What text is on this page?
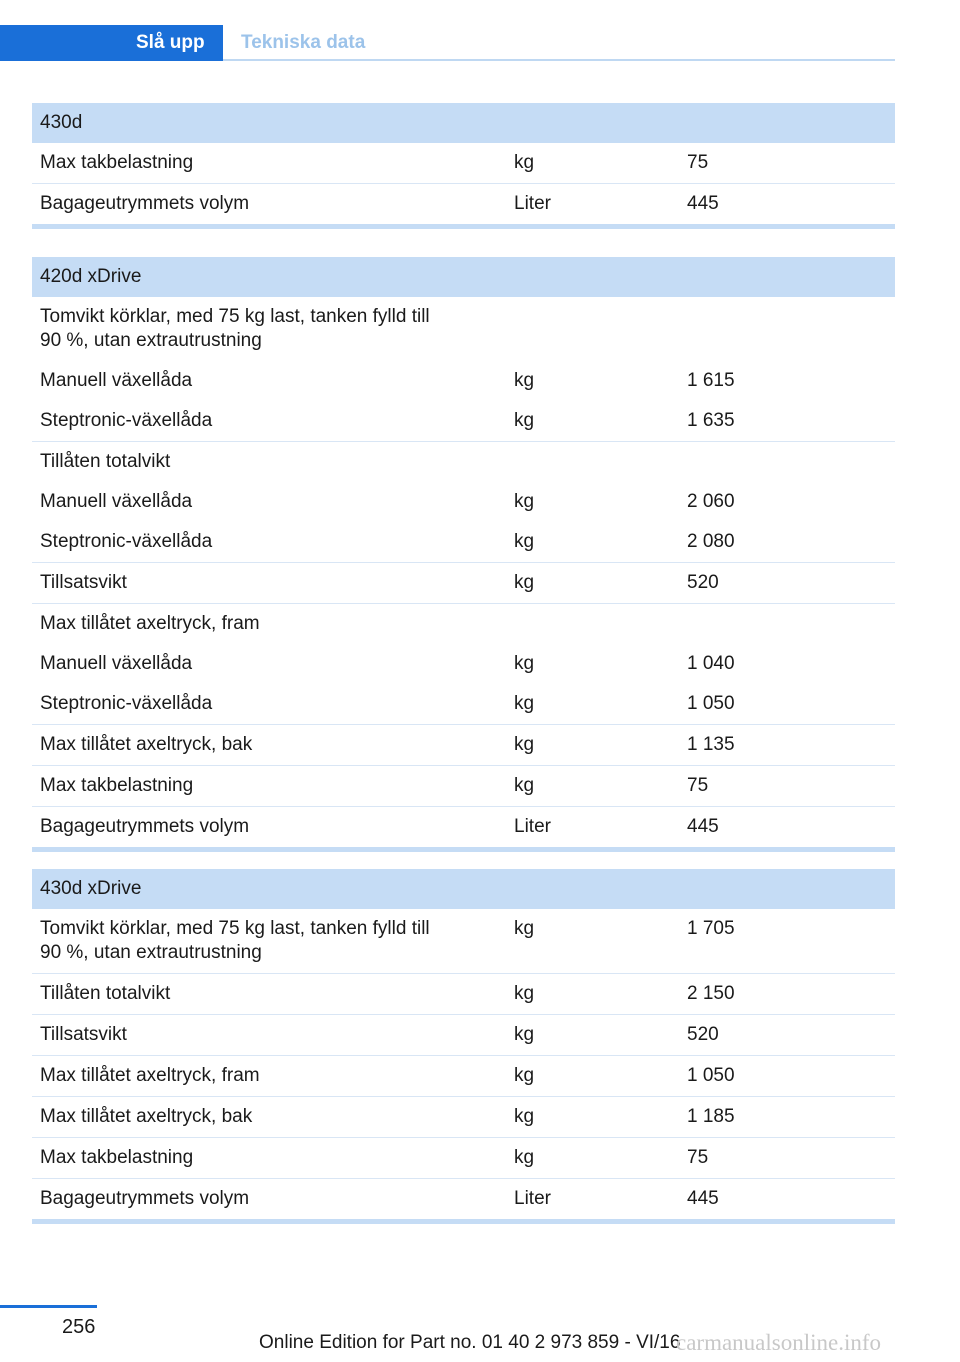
Slå upp	Tekniska data
430d		
Max takbelastning	kg	75
Bagageutrymmets volym	Liter	445
420d xDrive		
Tomvikt körklar, med 75 kg last, tanken fylld till
90 %, utan extrautrustning		
Manuell växellåda	kg	1 615
Steptronic-växellåda	kg	1 635
Tillåten totalvikt		
Manuell växellåda	kg	2 060
Steptronic-växellåda	kg	2 080
Tillsatsvikt	kg	520
Max tillåtet axeltryck, fram		
Manuell växellåda	kg	1 040
Steptronic-växellåda	kg	1 050
Max tillåtet axeltryck, bak	kg	1 135
Max takbelastning	kg	75
Bagageutrymmets volym	Liter	445
430d xDrive		
Tomvikt körklar, med 75 kg last, tanken fylld till
90 %, utan extrautrustning	kg	1 705
Tillåten totalvikt	kg	2 150
Tillsatsvikt	kg	520
Max tillåtet axeltryck, fram	kg	1 050
Max tillåtet axeltryck, bak	kg	1 185
Max takbelastning	kg	75
Bagageutrymmets volym	Liter	445
256
Online Edition for Part no. 01 40 2 973 859 - VI/16
carmanualsonline.info
